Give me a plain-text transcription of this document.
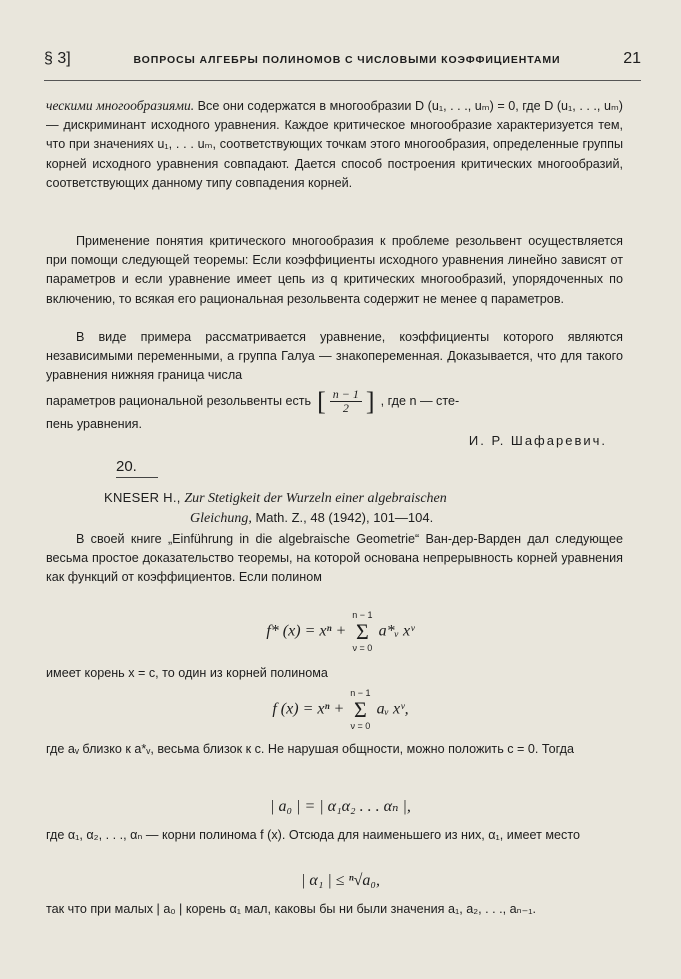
§ 3]	ВОПРОСЫ АЛГЕБРЫ ПОЛИНОМОВ С ЧИСЛОВЫМИ КОЭФФИЦИЕНТАМИ	21

ческими многообразиями. Все они содержатся в многообразии D (u₁, . . ., uₘ) = 0, где D (u₁, . . ., uₘ) — дискриминант исходного уравнения. Каждое критическое многообразие характеризуется тем, что при значениях u₁, . . . uₘ, соответствующих точкам этого многообразия, определенные группы корней исходного уравнения совпадают. Дается способ построения критических многообразий, соответствующих данному типу совпадения корней.

Применение понятия критического многообразия к проблеме резольвент осуществляется при помощи следующей теоремы: Если коэффициенты исходного уравнения линейно зависят от параметров и если уравнение имеет цепь из q критических многообразий, упорядоченных по включению, то всякая его рациональная резольвента содержит не менее q параметров.

В виде примера рассматривается уравнение, коэффициенты которого являются независимыми переменными, а группа Галуа — знакопеременная. Доказывается, что для такого уравнения нижняя граница числа

параметров рациональной резольвенты есть [ $\frac{n - 1}{2}$ ] , где n — сте-

пень уравнения.

И. Р. Шафаревич.
20.
KNESER H., Zur Stetigkeit der Wurzeln einer algebraischen
Gleichung, Math. Z., 48 (1942), 101—104.

В своей книге „Einführung in die algebraische Geometrie“ Ван-дер-Варден дал следующее весьма простое доказательство теоремы, на которой основана непрерывность корней уравнения как функций от коэффициентов. Если полином

f* (x) = xⁿ +
n − 1
Σ
ν = 0
a*ᵥ xᵛ

имеет корень x = c, то один из корней полинома

f (x) = xⁿ +
n − 1
Σ
ν = 0
aᵥ xᵛ,

где aᵥ близко к a*ᵥ, весьма близок к c. Не нарушая общности, можно положить c = 0. Тогда

| a₀ | = | α₁α₂ . . . αₙ |,

где α₁, α₂, . . ., αₙ — корни полинома f (x). Отсюда для наименьшего из них, α₁, имеет место

| α₁ | ≤ ⁿ√a₀,

так что при малых | a₀ | корень α₁ мал, каковы бы ни были значения a₁, a₂, . . ., aₙ₋₁.
